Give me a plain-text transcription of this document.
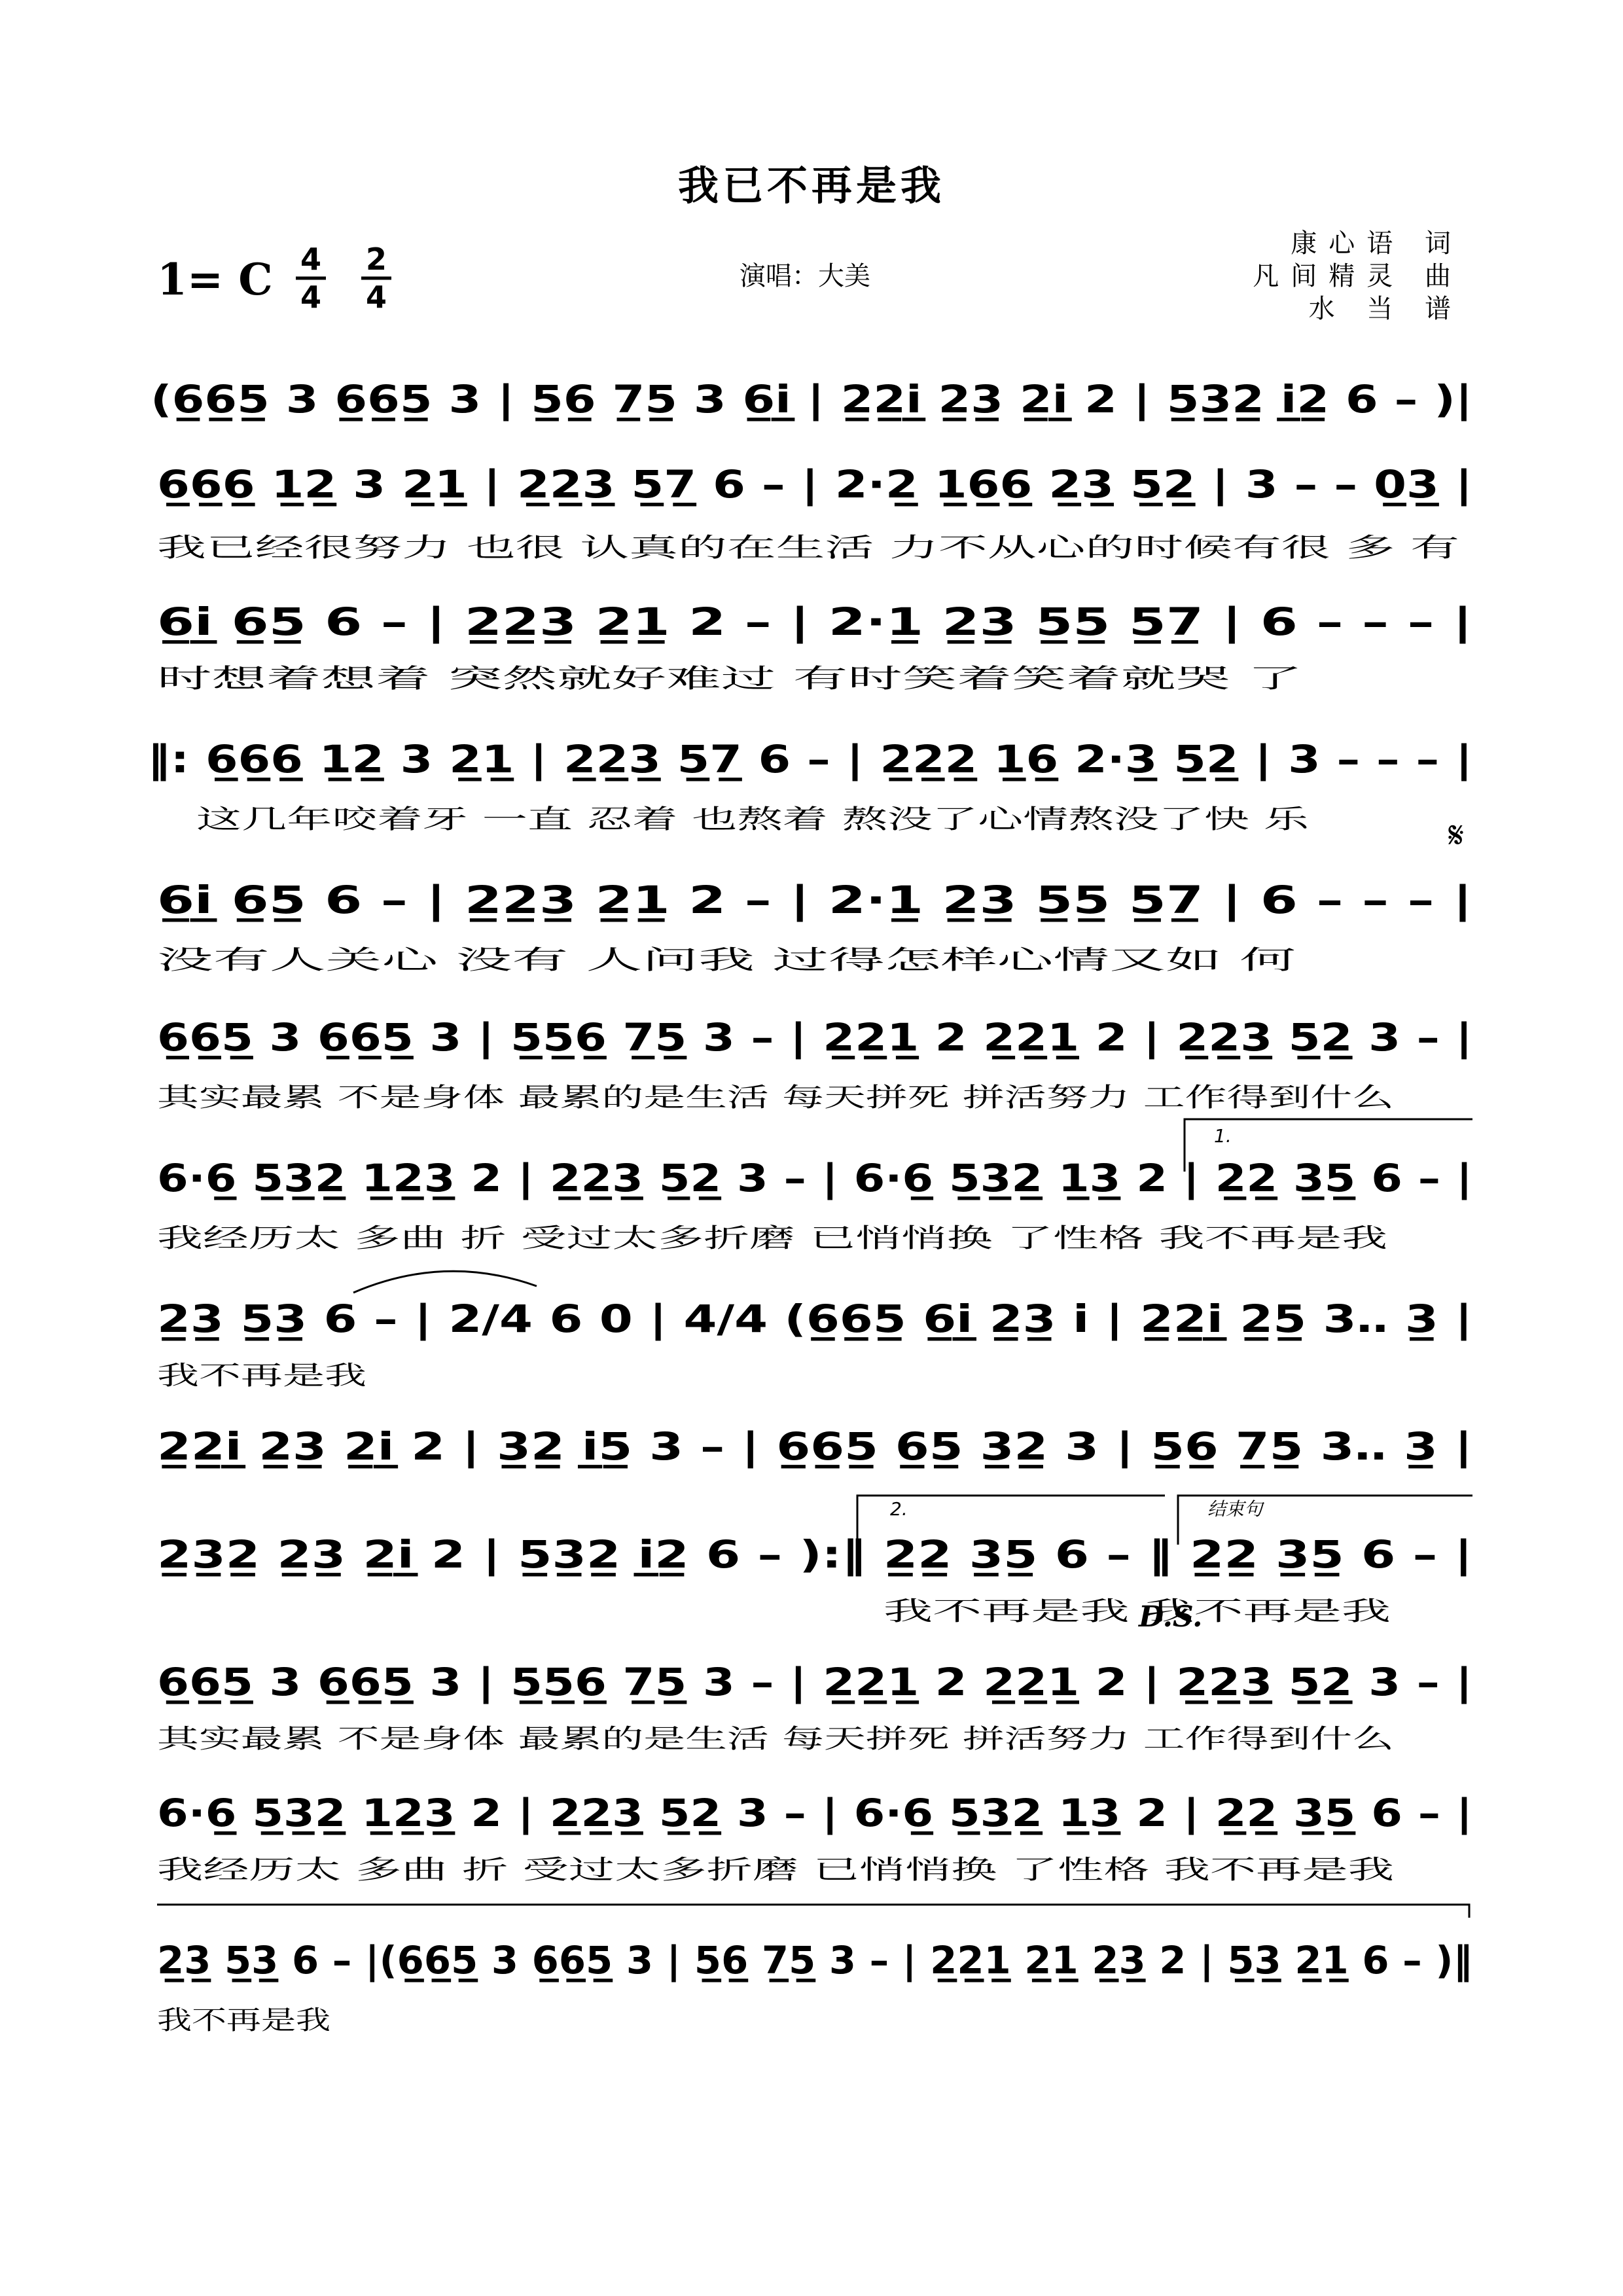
我已不再是我
1= C 4
4
2
4
演唱：大美
康心语 词
凡间精灵 曲
水 当 谱
(6̲6̲5̲ 3 6̲6̲5̲ 3 | 5̲6̲ 7̲5̲ 3 6̲i̲ | 2̲2̲i̲ 2̲3̲ 2̲i̲ 2 | 5̲3̲2̲ i̲2̲ 6 – )|
6̲6̲6̲ 1̲2̲ 3 2̲1̲ | 2̲2̲3̲ 5̲7̲ 6 – | 2·2̲ 1̲6̲6̲ 2̲3̲ 5̲2̲ | 3 – – 0̲3̲ |
我已经很努力 也很 认真的在生活 力不从心的时候有很 多 有
6̲i̲ 6̲5̲ 6 – | 2̲2̲3̲ 2̲1̲ 2 – | 2·1̲ 2̲3̲ 5̲5̲ 5̲7̲ | 6 – – – |
时想着想着 突然就好难过 有时笑着笑着就哭 了
‖: 6̲6̲6̲ 1̲2̲ 3 2̲1̲ | 2̲2̲3̲ 5̲7̲ 6 – | 2̲2̲2̲ 1̲6̲ 2·3̲ 5̲2̲ | 3 – – – |
这几年咬着牙 一直 忍着 也熬着 熬没了心情熬没了快 乐	𝄋
6̲i̲ 6̲5̲ 6 – | 2̲2̲3̲ 2̲1̲ 2 – | 2·1̲ 2̲3̲ 5̲5̲ 5̲7̲ | 6 – – – |
没有人关心 没有 人问我 过得怎样心情又如 何
6̲6̲5̲ 3 6̲6̲5̲ 3 | 5̲5̲6̲ 7̲5̲ 3 – | 2̲2̲1̲ 2 2̲2̲1̲ 2 | 2̲2̲3̲ 5̲2̲ 3 – |
其实最累 不是身体 最累的是生活 每天拼死 拼活努力 工作得到什么
1.
6·6̲ 5̲3̲2̲ 1̲2̲3̲ 2 | 2̲2̲3̲ 5̲2̲ 3 – | 6·6̲ 5̲3̲2̲ 1̲3̲ 2 | 2̲2̲ 3̲5̲ 6 – |
我经历太 多曲 折 受过太多折磨 已悄悄换 了性格 我不再是我
2̲3̲ 5̲3̲ 6 – | 2/4 6 0 | 4/4 (6̲6̲5̲ 6̲i̲ 2̲3̲ i | 2̲2̲i̲ 2̲5̲ 3‥ 3̲ |
我不再是我
2̲2̲i̲ 2̲3̲ 2̲i̲ 2 | 3̲2̲ i̲5̲ 3 – | 6̲6̲5̲ 6̲5̲ 3̲2̲ 3 | 5̲6̲ 7̲5̲ 3‥ 3̲ |
2.	结束句
2̲3̲2̲ 2̲3̲ 2̲i̲ 2 | 5̲3̲2̲ i̲2̲ 6 – ):‖ 2̲2̲ 3̲5̲ 6 – ‖ 2̲2̲ 3̲5̲ 6 – |
我不再是我 我不再是我
D.S.
6̲6̲5̲ 3 6̲6̲5̲ 3 | 5̲5̲6̲ 7̲5̲ 3 – | 2̲2̲1̲ 2 2̲2̲1̲ 2 | 2̲2̲3̲ 5̲2̲ 3 – |
其实最累 不是身体 最累的是生活 每天拼死 拼活努力 工作得到什么
6·6̲ 5̲3̲2̲ 1̲2̲3̲ 2 | 2̲2̲3̲ 5̲2̲ 3 – | 6·6̲ 5̲3̲2̲ 1̲3̲ 2 | 2̲2̲ 3̲5̲ 6 – |
我经历太 多曲 折 受过太多折磨 已悄悄换 了性格 我不再是我
2̲3̲ 5̲3̲ 6 – |(6̲6̲5̲ 3 6̲6̲5̲ 3 | 5̲6̲ 7̲5̲ 3 – | 2̲2̲1̲ 2̲1̲ 2̲3̲ 2 | 5̲3̲ 2̲1̲ 6 – )‖
我不再是我
